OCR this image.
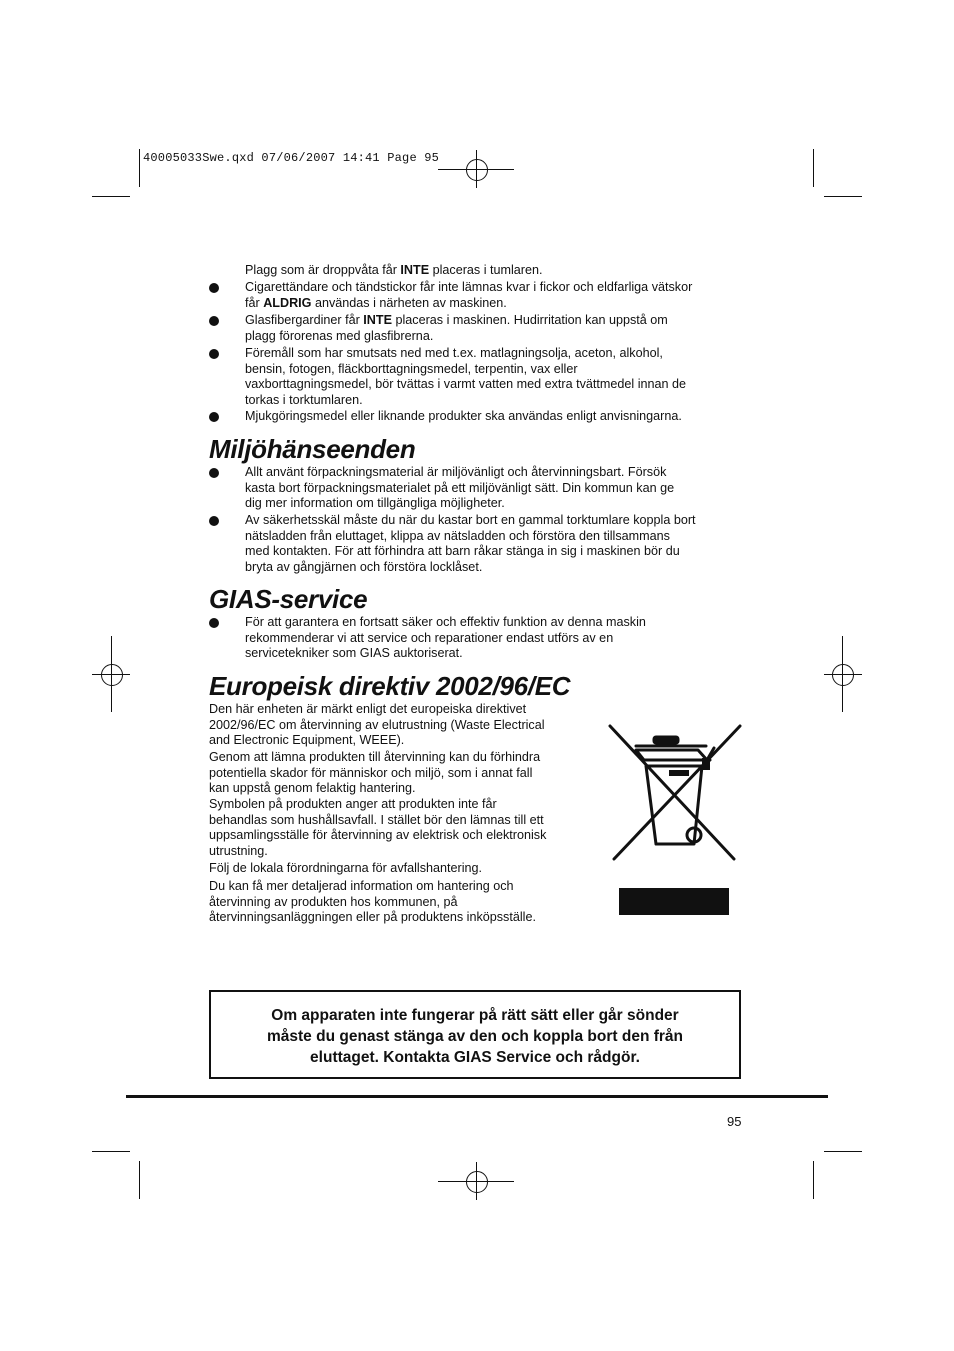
40005033Swe.qxd 07/06/2007 14:41 Page 95
Plagg som är droppvåta får INTE placeras i tumlaren.
Cigarettändare och tändstickor får inte lämnas kvar i fickor och eldfarliga vätskor
får ALDRIG användas i närheten av maskinen.
Glasfibergardiner får INTE placeras i maskinen. Hudirritation kan uppstå om
plagg förorenas med glasfibrerna.
Föremåll som har smutsats ned med t.ex. matlagningsolja, aceton, alkohol,
bensin, fotogen, fläckborttagningsmedel, terpentin, vax eller
vaxborttagningsmedel, bör tvättas i varmt vatten med extra tvättmedel innan de
torkas i torktumlaren.
Mjukgöringsmedel eller liknande produkter ska användas enligt anvisningarna.
Miljöhänseenden
Allt använt förpackningsmaterial är miljövänligt och återvinningsbart. Försök
kasta bort förpackningsmaterialet på ett miljövänligt sätt. Din kommun kan ge
dig mer information om tillgängliga möjligheter.
Av säkerhetsskäl måste du när du kastar bort en gammal torktumlare koppla bort
nätsladden från eluttaget, klippa av nätsladden och förstöra den tillsammans
med kontakten. För att förhindra att barn råkar stänga in sig i maskinen bör du
bryta av gångjärnen och förstöra locklåset.
GIAS-service
För att garantera en fortsatt säker och effektiv funktion av denna maskin
rekommenderar vi att service och reparationer endast utförs av en
servicetekniker som GIAS auktoriserat.
Europeisk direktiv 2002/96/EC
Den här enheten är märkt enligt det europeiska direktivet
2002/96/EC om återvinning av elutrustning (Waste Electrical
and Electronic Equipment, WEEE).
Genom att lämna produkten till återvinning kan du förhindra
potentiella skador för människor och miljö, som i annat fall
kan uppstå genom felaktig hantering.
Symbolen på produkten anger att produkten inte får
behandlas som hushållsavfall. I stället bör den lämnas till ett
uppsamlingsställe för återvinning av elektrisk och elektronisk
utrustning.
Följ de lokala förordningarna för avfallshantering.
Du kan få mer detaljerad information om hantering och
återvinning av produkten hos kommunen, på
återvinningsanläggningen eller på produktens inköpsställe.
Om apparaten inte fungerar på rätt sätt eller går sönder
måste du genast stänga av den och koppla bort den från
eluttaget. Kontakta GIAS Service och rådgör.
95
